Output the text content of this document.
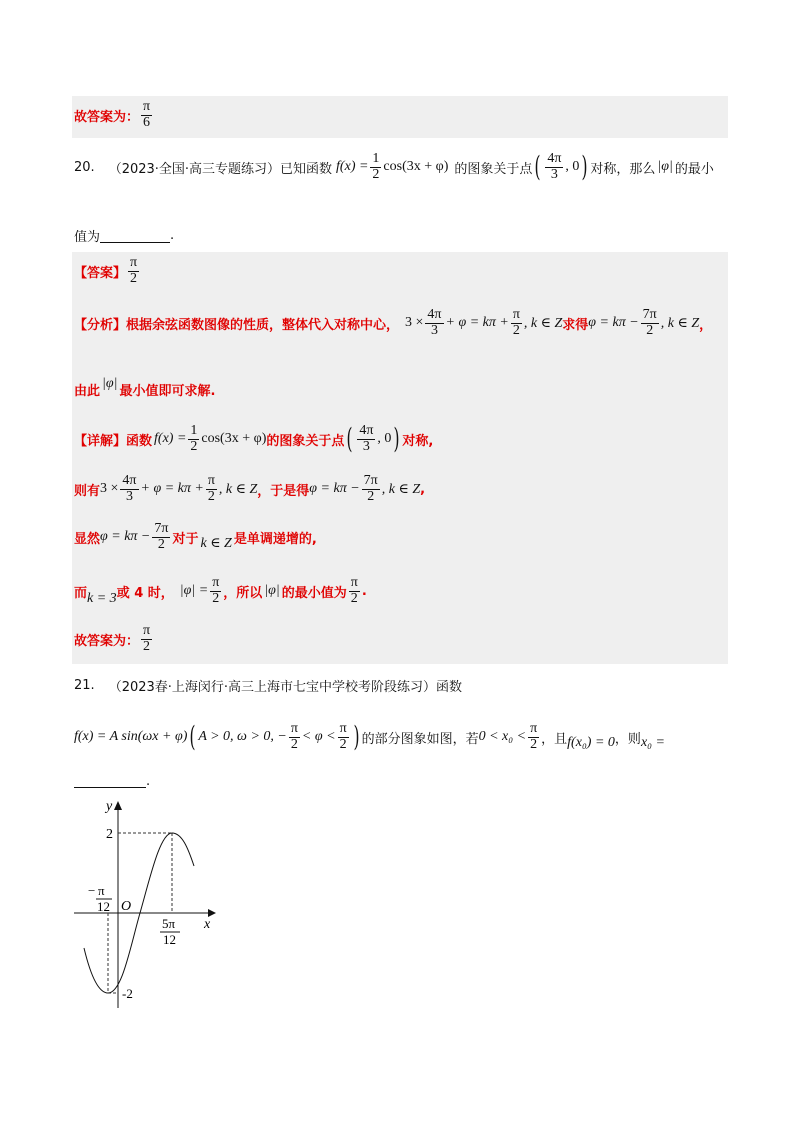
故答案为： $\frac{\pi}{6}$
20. （2023·全国·高三专题练习）已知函数 $f(x) = \frac{1}{2} \cos(3x + \varphi)$ 的图象关于点 ( $\frac{4\pi}{3}$ , 0 ) 对称，那么 |φ| 的最小
值为	.
【答案】 $\frac{\pi}{2}$
【分析】根据余弦函数图像的性质，整体代入对称中心， $3 \times \frac{4\pi}{3} + \varphi = k\pi + \frac{\pi}{2}$ , k ∈ Z 求得 $\varphi = k\pi - \frac{7\pi}{2}$ , k ∈ Z ，
由此
|φ|
最小值即可求解.
【详解】函数 $f(x) = \frac{1}{2} \cos(3x + \varphi)$ 的图象关于点 ( $\frac{4\pi}{3}$ , 0 ) 对称,
则有 $3 \times \frac{4\pi}{3} + \varphi = k\pi + \frac{\pi}{2}$ , k ∈ Z ，于是得 $\varphi = k\pi - \frac{7\pi}{2}$ , k ∈ Z ,
显然 $\varphi = k\pi - \frac{7\pi}{2}$ 对于 k ∈ Z 是单调递增的,
而 k = 3 或 4 时， $|\varphi| = \frac{\pi}{2}$ ，所以 |φ| 的最小值为 $\frac{\pi}{2}$ .
故答案为： $\frac{\pi}{2}$
21. （2023春·上海闵行·高三上海市七宝中学校考阶段练习）函数
f(x) = A sin(ωx + φ) ( A > 0, ω > 0, − $\frac{\pi}{2} < \varphi < \frac{\pi}{2}$ ) 的部分图象如图，若 $0 < x_0 < \frac{\pi}{2}$ ，且 f(x₀) = 0 ，则 x₀ =
.
y
x
O
2
-2
− π
12
5π
12
